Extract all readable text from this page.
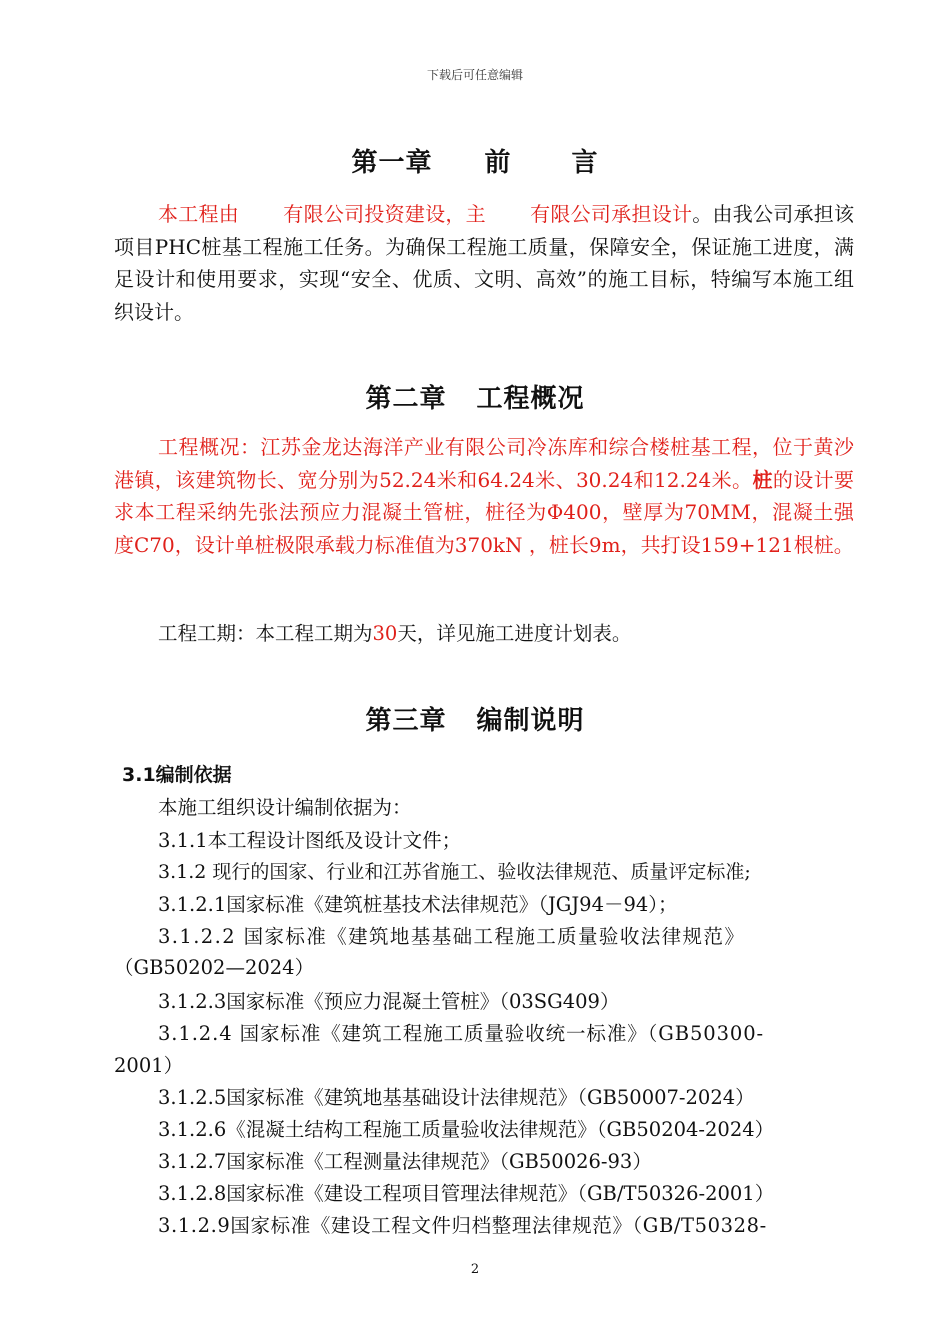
下载后可任意编辑
第一章 前 言

本工程由 有限公司投资建设，主 有限公司承担设计。由我公司承担该项目PHC桩基工程施工任务。为确保工程施工质量，保障安全，保证施工进度，满足设计和使用要求，实现“安全、优质、文明、高效”的施工目标，特编写本施工组织设计。

第二章 工程概况

工程概况：江苏金龙达海洋产业有限公司冷冻库和综合楼桩基工程，位于黄沙港镇，该建筑物长、宽分别为52.24米和64.24米、30.24和12.24米。桩的设计要求本工程采纳先张法预应力混凝土管桩，桩径为Φ400，壁厚为70MM，混凝土强度C70，设计单桩极限承载力标准值为370kN ，桩长9m，共打设159+121根桩。

工程工期：本工程工期为30天，详见施工进度计划表。
第三章 编制说明
3.1编制依据
本施工组织设计编制依据为：
3.1.1本工程设计图纸及设计文件；
3.1.2 现行的国家、行业和江苏省施工、验收法律规范、质量评定标准;
3.1.2.1国家标准《建筑桩基技术法律规范》（JGJ94－94）；
3.1.2.2 国家标准《建筑地基基础工程施工质量验收法律规范》
（GB50202—2024）
3.1.2.3国家标准《预应力混凝土管桩》（03SG409）
3.1.2.4 国家标准《建筑工程施工质量验收统一标准》（GB50300-
2001）
3.1.2.5国家标准《建筑地基基础设计法律规范》（GB50007-2024）
3.1.2.6《混凝土结构工程施工质量验收法律规范》（GB50204-2024）
3.1.2.7国家标准《工程测量法律规范》（GB50026-93）
3.1.2.8国家标准《建设工程项目管理法律规范》（GB/T50326-2001）
3.1.2.9国家标准《建设工程文件归档整理法律规范》（GB/T50328-
2
